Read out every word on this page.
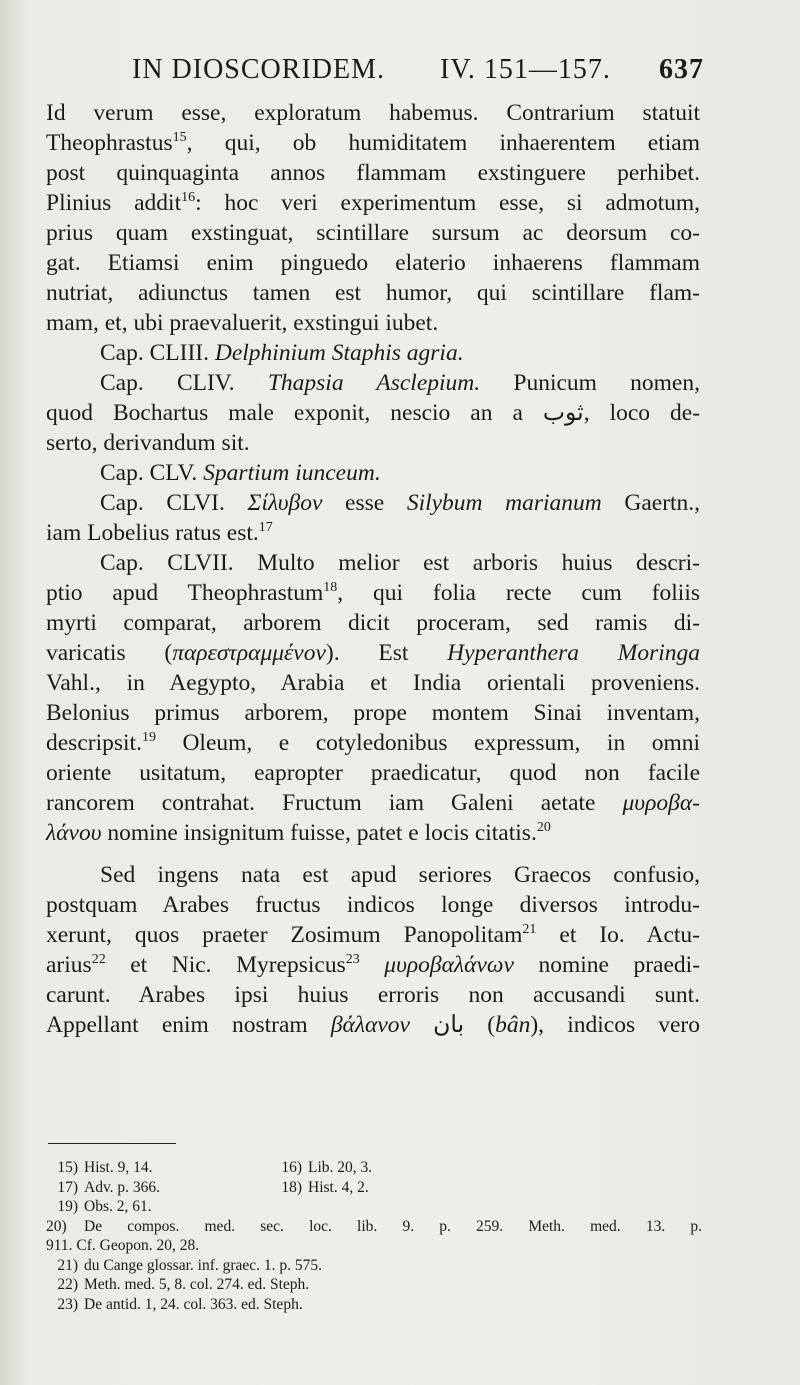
IN DIOSCORIDEM. IV. 151—157. 637
Id verum esse, exploratum habemus. Contrarium statuit
Theophrastus$^{15}$, qui, ob humiditatem inhaerentem etiam
post quinquaginta annos flammam exstinguere perhibet.
Plinius addit$^{16}$: hoc veri experimentum esse, si admotum,
prius quam exstinguat, scintillare sursum ac deorsum co-
gat. Etiamsi enim pinguedo elaterio inhaerens flammam
nutriat, adiunctus tamen est humor, qui scintillare flam-
mam, et, ubi praevaluerit, exstingui iubet.
Cap. CLIII. Delphinium Staphis agria.
Cap. CLIV. Thapsia Asclepium. Punicum nomen,
quod Bochartus male exponit, nescio an a ثوب, loco de-
serto, derivandum sit.
Cap. CLV. Spartium iunceum.
Cap. CLVI. Σίλυβον esse Silybum marianum Gaertn.,
iam Lobelius ratus est.$^{17}$
Cap. CLVII. Multo melior est arboris huius descri-
ptio apud Theophrastum$^{18}$, qui folia recte cum foliis
myrti comparat, arborem dicit proceram, sed ramis di-
varicatis (παρεστραμμένον). Est Hyperanthera Moringa
Vahl., in Aegypto, Arabia et India orientali proveniens.
Belonius primus arborem, prope montem Sinai inventam,
descripsit.$^{19}$ Oleum, e cotyledonibus expressum, in omni
oriente usitatum, eapropter praedicatur, quod non facile
rancorem contrahat. Fructum iam Galeni aetate μυροβα-
λάνου nomine insignitum fuisse, patet e locis citatis.$^{20}$
Sed ingens nata est apud seriores Graecos confusio,
postquam Arabes fructus indicos longe diversos introdu-
xerunt, quos praeter Zosimum Panopolitam$^{21}$ et Io. Actu-
arius$^{22}$ et Nic. Myrepsicus$^{23}$ μυροβαλάνων nomine praedi-
carunt. Arabes ipsi huius erroris non accusandi sunt.
Appellant enim nostram βάλανον بان (bân), indicos vero
15) Hist. 9, 14.	16) Lib. 20, 3.
17) Adv. p. 366.	18) Hist. 4, 2.
19) Obs. 2, 61.
20) De compos. med. sec. loc. lib. 9. p. 259. Meth. med. 13. p.
911. Cf. Geopon. 20, 28.
21) du Cange glossar. inf. graec. 1. p. 575.
22) Meth. med. 5, 8. col. 274. ed. Steph.
23) De antid. 1, 24. col. 363. ed. Steph.
